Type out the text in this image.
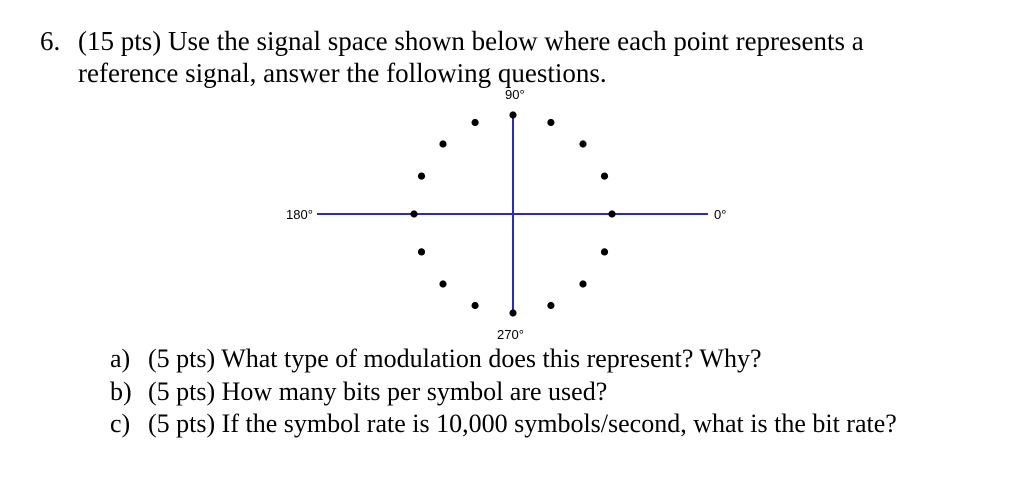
6. (15 pts) Use the signal space shown below where each point represents a
reference signal, answer the following questions.
90°
270°
180°	0°
a) (5 pts) What type of modulation does this represent? Why?
b) (5 pts) How many bits per symbol are used?
c) (5 pts) If the symbol rate is 10,000 symbols/second, what is the bit rate?
